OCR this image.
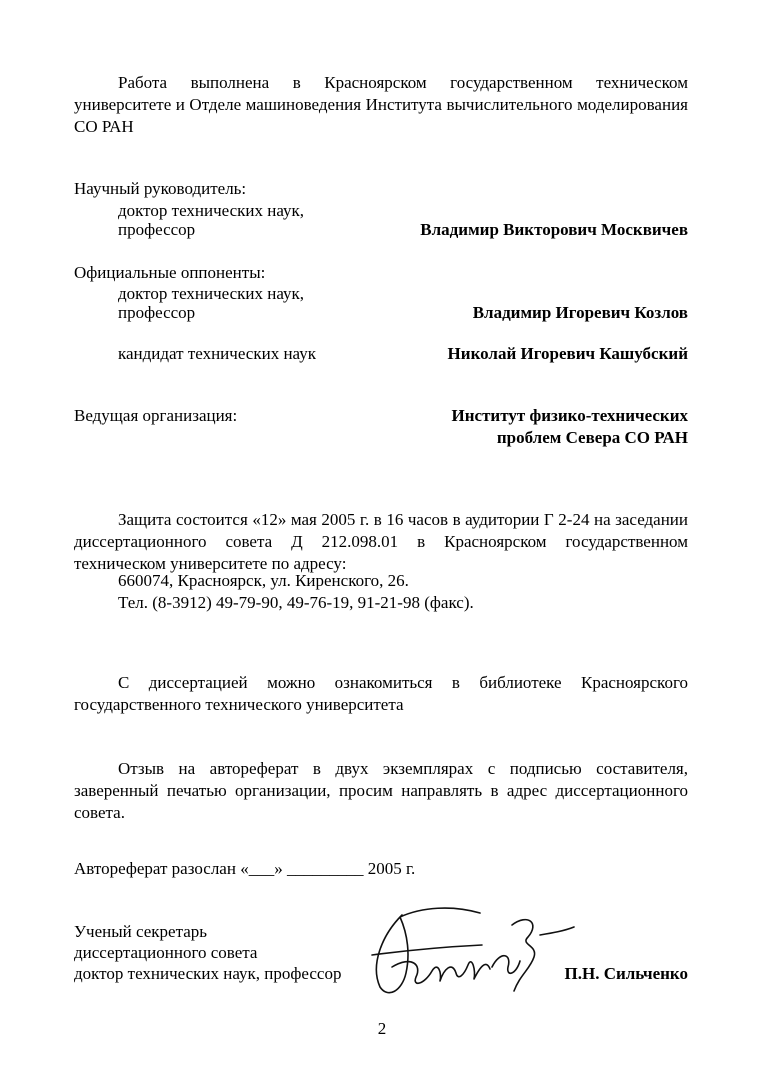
Работа выполнена в Красноярском государственном техническом университете и Отделе машиноведения Института вычислительного моделирования СО РАН
Научный руководитель:
доктор технических наук,
профессор	Владимир Викторович Москвичев
Официальные оппоненты:
доктор технических наук,
профессор	Владимир Игоревич Козлов
кандидат технических наук	Николай Игоревич Кашубский
Ведущая организация:	Институт физико-технических
проблем Севера СО РАН
Защита состоится «12» мая 2005 г. в 16 часов в аудитории Г 2-24 на заседании диссертационного совета Д 212.098.01 в Красноярском государственном техническом университете по адресу:
660074, Красноярск, ул. Киренского, 26.
Тел. (8-3912) 49-79-90, 49-76-19, 91-21-98 (факс).
С диссертацией можно ознакомиться в библиотеке Красноярского государственного технического университета
Отзыв на автореферат в двух экземплярах с подписью составителя, заверенный печатью организации, просим направлять в адрес диссертационного совета.
Автореферат разослан «___» _________ 2005 г.
Ученый секретарь
диссертационного совета
доктор технических наук, профессор	П.Н. Сильченко
2
